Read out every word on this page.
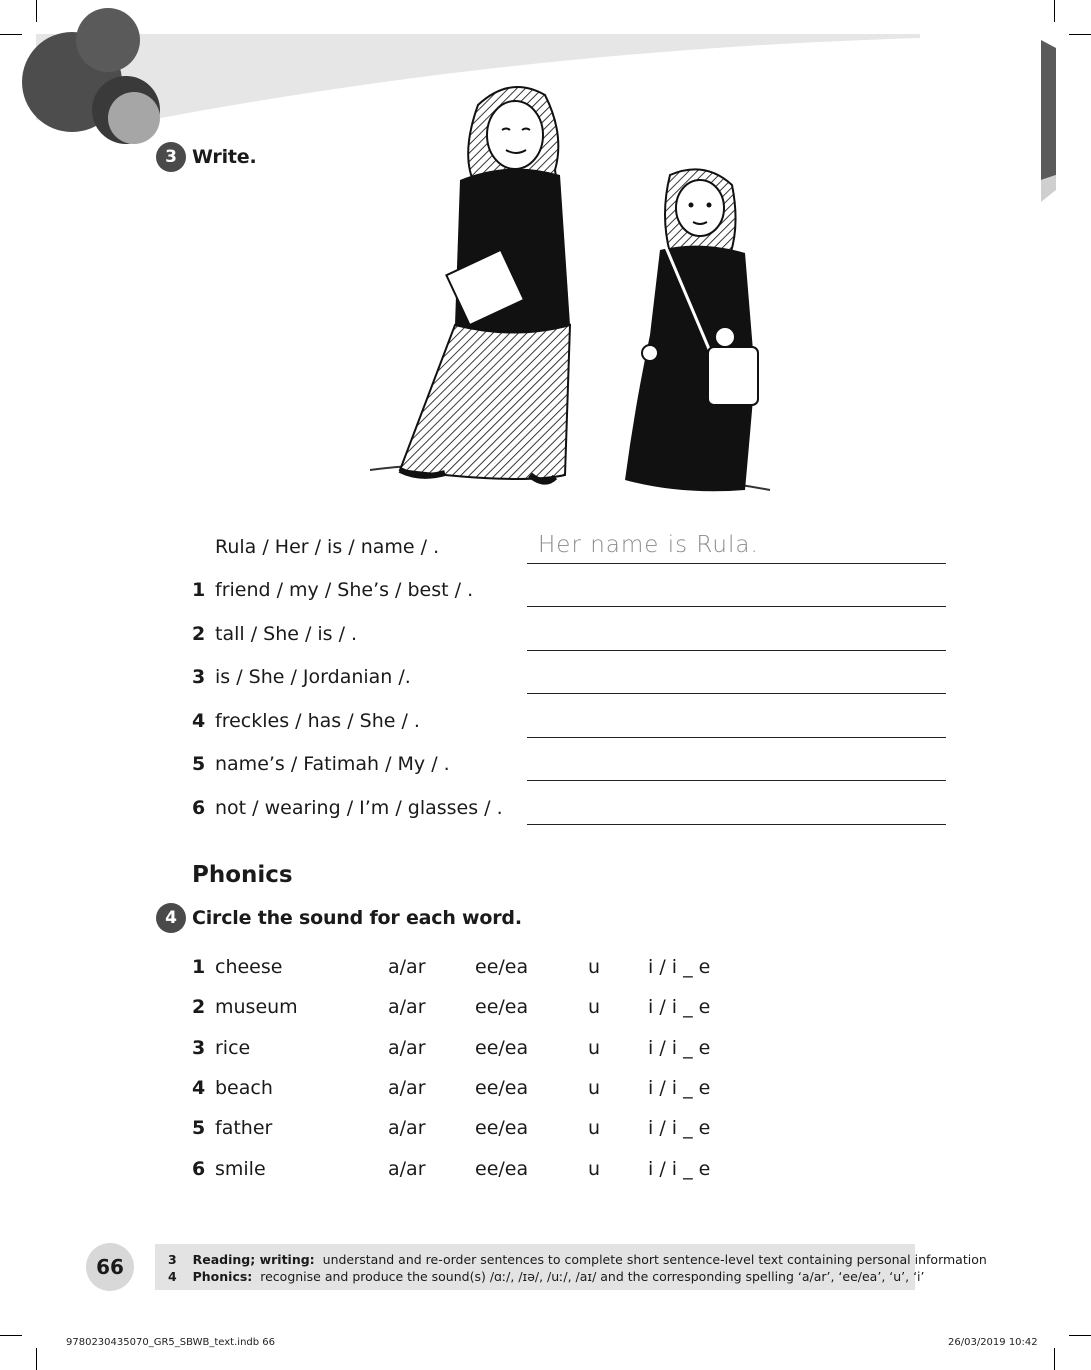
3 Write.
Rula / Her / is / name / .	Her name is Rula.
1 friend / my / She’s / best / .
2 tall / She / is / .
3 is / She / Jordanian /.
4 freckles / has / She / .
5 name’s / Fatimah / My / .
6 not / wearing / I’m / glasses / .
Phonics
4 Circle the sound for each word.
1 cheese	a/ar	ee/ea	u	i / i _ e
2 museum	a/ar	ee/ea	u	i / i _ e
3 rice	a/ar	ee/ea	u	i / i _ e
4 beach	a/ar	ee/ea	u	i / i _ e
5 father	a/ar	ee/ea	u	i / i _ e
6 smile	a/ar	ee/ea	u	i / i _ e
66	3 Reading; writing: understand and re-order sentences to complete short sentence-level text containing personal information
4 Phonics: recognise and produce the sound(s) /ɑː/, /ɪə/, /uː/, /aɪ/ and the corresponding spelling ‘a/ar’, ‘ee/ea’, ‘u’, ‘i’
9780230435070_GR5_SBWB_text.indb 66	26/03/2019 10:42
